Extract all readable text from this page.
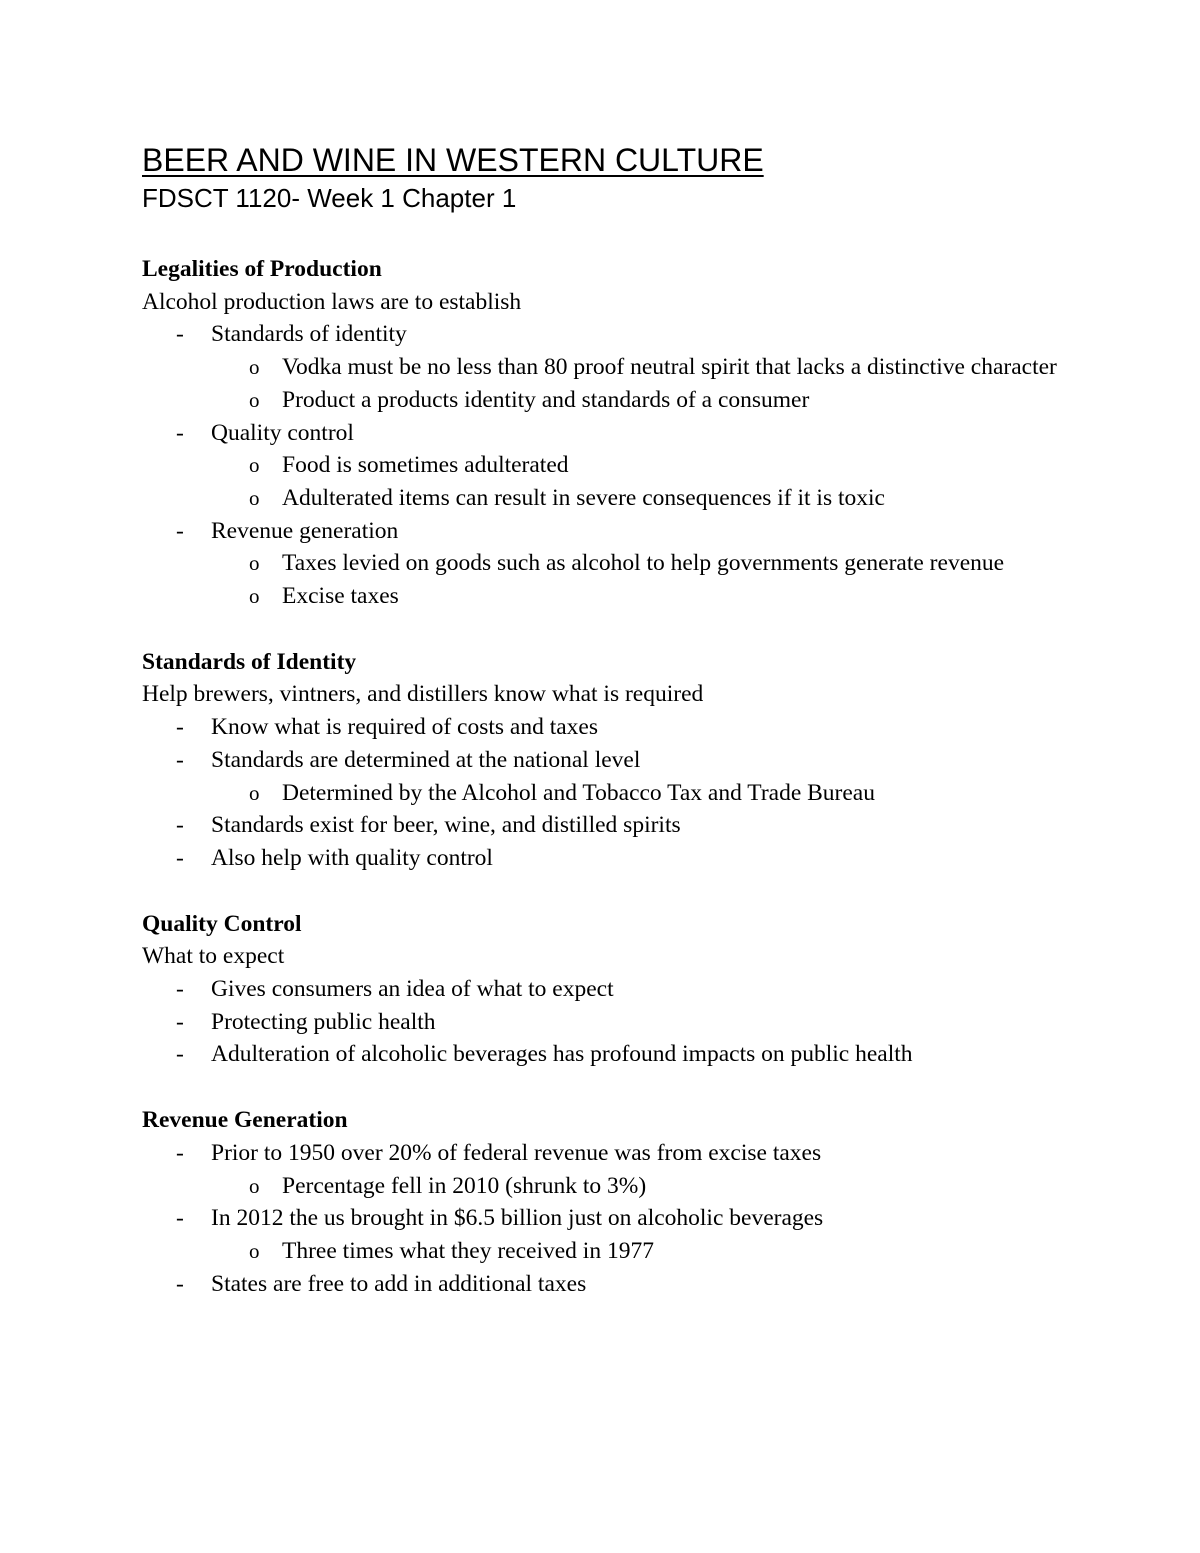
BEER AND WINE IN WESTERN CULTURE
FDSCT 1120- Week 1 Chapter 1

Legalities of Production

Alcohol production laws are to establish

- Standards of identity
o Vodka must be no less than 80 proof neutral spirit that lacks a distinctive character
o Product a products identity and standards of a consumer
- Quality control
o Food is sometimes adulterated
o Adulterated items can result in severe consequences if it is toxic
- Revenue generation
o Taxes levied on goods such as alcohol to help governments generate revenue
o Excise taxes

Standards of Identity

Help brewers, vintners, and distillers know what is required

- Know what is required of costs and taxes
- Standards are determined at the national level
o Determined by the Alcohol and Tobacco Tax and Trade Bureau
- Standards exist for beer, wine, and distilled spirits
- Also help with quality control

Quality Control

What to expect

- Gives consumers an idea of what to expect
- Protecting public health
- Adulteration of alcoholic beverages has profound impacts on public health

Revenue Generation

- Prior to 1950 over 20% of federal revenue was from excise taxes
o Percentage fell in 2010 (shrunk to 3%)
- In 2012 the us brought in $6.5 billion just on alcoholic beverages
o Three times what they received in 1977
- States are free to add in additional taxes
